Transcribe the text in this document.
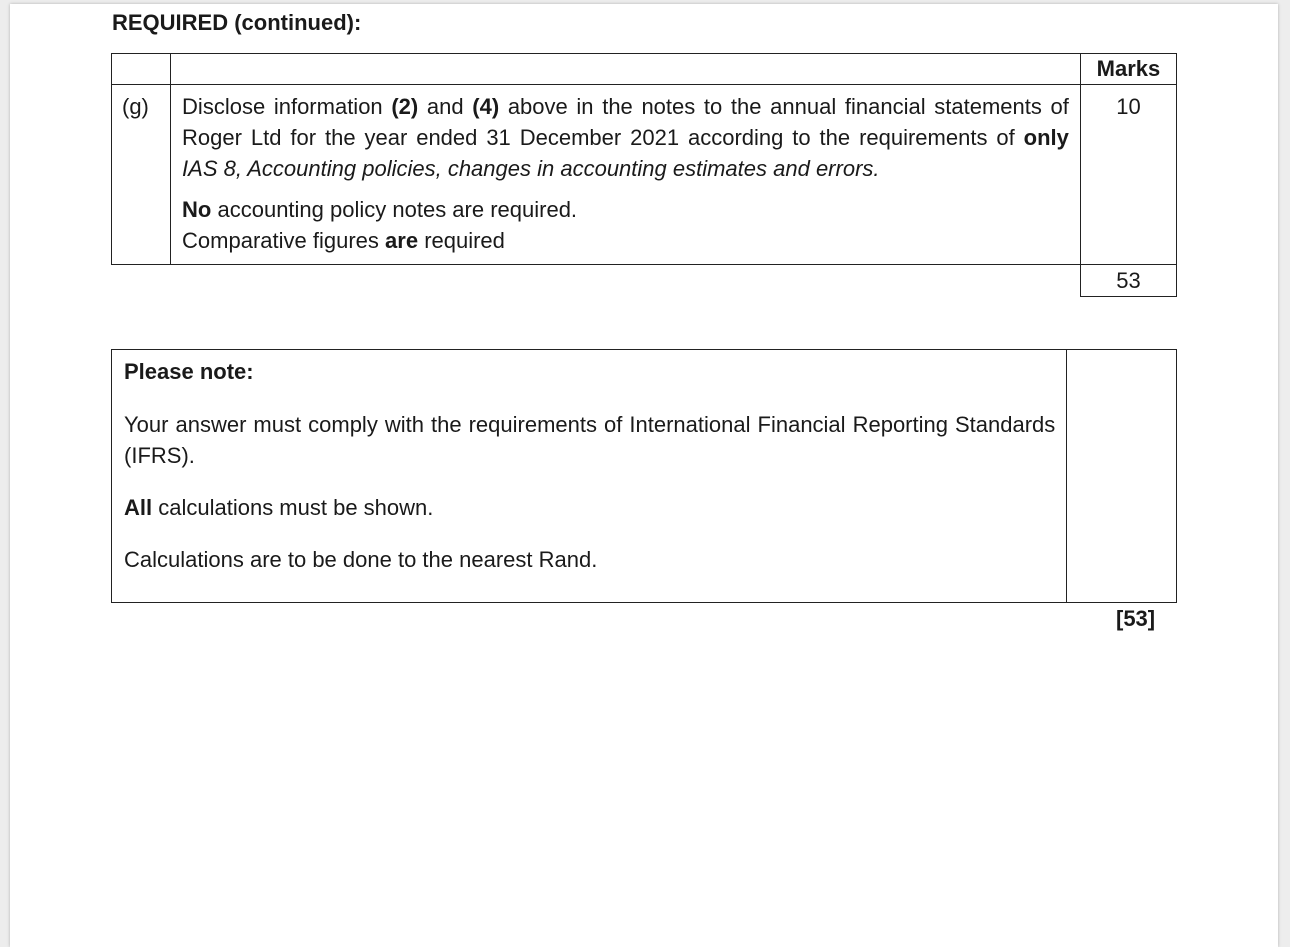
REQUIRED (continued):
		Marks

(g)	Disclose information (2) and (4) above in the notes to the annual financial statements of Roger Ltd for the year ended 31 December 2021 according to the requirements of only IAS 8, Accounting policies, changes in accounting estimates and errors.

No accounting policy notes are required.

Comparative figures are required	10
53

Please note:

Your answer must comply with the requirements of International Financial Reporting Standards (IFRS).

All calculations must be shown.

Calculations are to be done to the nearest Rand.

[53]
